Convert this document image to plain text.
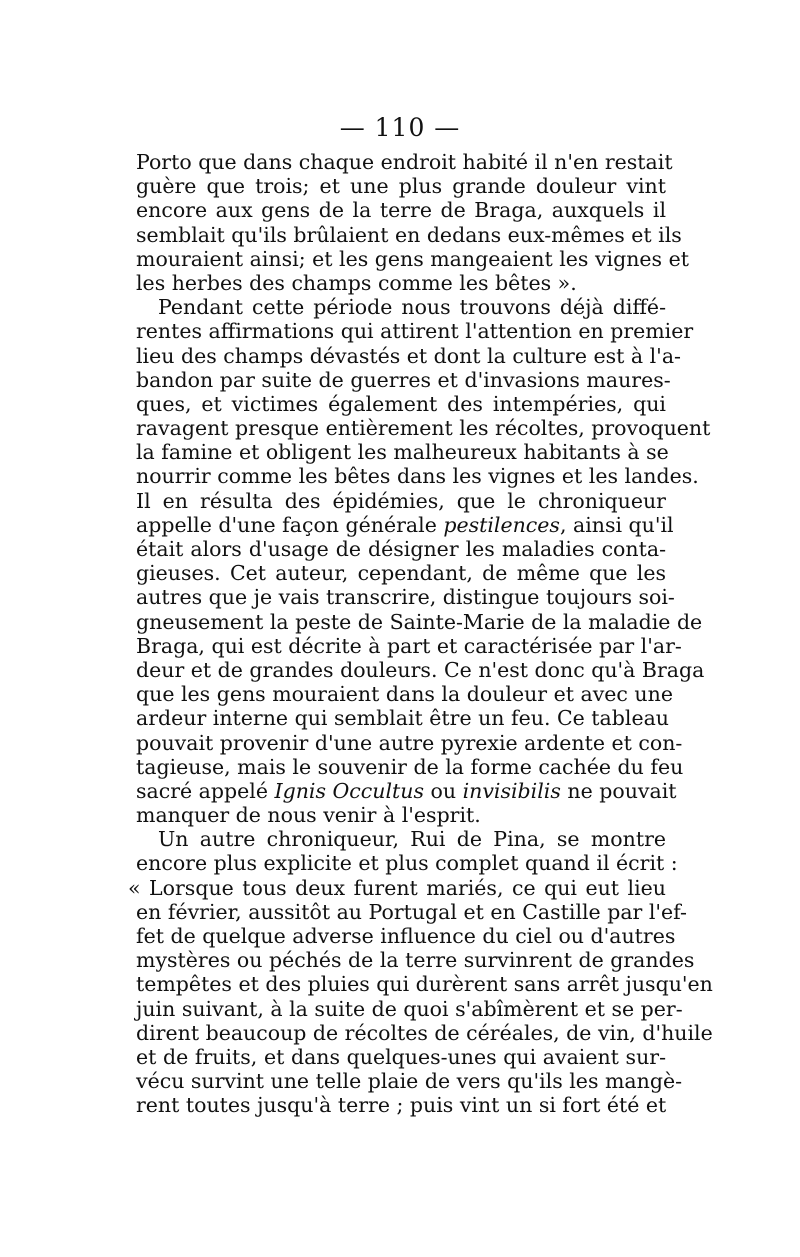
— 110 —
Porto que dans chaque endroit habité il n'en restait
guère que trois; et une plus grande douleur vint
encore aux gens de la terre de Braga, auxquels il
semblait qu'ils brûlaient en dedans eux-mêmes et ils
mouraient ainsi; et les gens mangeaient les vignes et
les herbes des champs comme les bêtes ».
Pendant cette période nous trouvons déjà diffé-
rentes affirmations qui attirent l'attention en premier
lieu des champs dévastés et dont la culture est à l'a-
bandon par suite de guerres et d'invasions maures-
ques, et victimes également des intempéries, qui
ravagent presque entièrement les récoltes, provoquent
la famine et obligent les malheureux habitants à se
nourrir comme les bêtes dans les vignes et les landes.
Il en résulta des épidémies, que le chroniqueur
appelle d'une façon générale pestilences, ainsi qu'il
était alors d'usage de désigner les maladies conta-
gieuses. Cet auteur, cependant, de même que les
autres que je vais transcrire, distingue toujours soi-
gneusement la peste de Sainte-Marie de la maladie de
Braga, qui est décrite à part et caractérisée par l'ar-
deur et de grandes douleurs. Ce n'est donc qu'à Braga
que les gens mouraient dans la douleur et avec une
ardeur interne qui semblait être un feu. Ce tableau
pouvait provenir d'une autre pyrexie ardente et con-
tagieuse, mais le souvenir de la forme cachée du feu
sacré appelé Ignis Occultus ou invisibilis ne pouvait
manquer de nous venir à l'esprit.
Un autre chroniqueur, Rui de Pina, se montre
encore plus explicite et plus complet quand il écrit :
« Lorsque tous deux furent mariés, ce qui eut lieu
en février, aussitôt au Portugal et en Castille par l'ef-
fet de quelque adverse influence du ciel ou d'autres
mystères ou péchés de la terre survinrent de grandes
tempêtes et des pluies qui durèrent sans arrêt jusqu'en
juin suivant, à la suite de quoi s'abîmèrent et se per-
dirent beaucoup de récoltes de céréales, de vin, d'huile
et de fruits, et dans quelques-unes qui avaient sur-
vécu survint une telle plaie de vers qu'ils les mangè-
rent toutes jusqu'à terre ; puis vint un si fort été et
